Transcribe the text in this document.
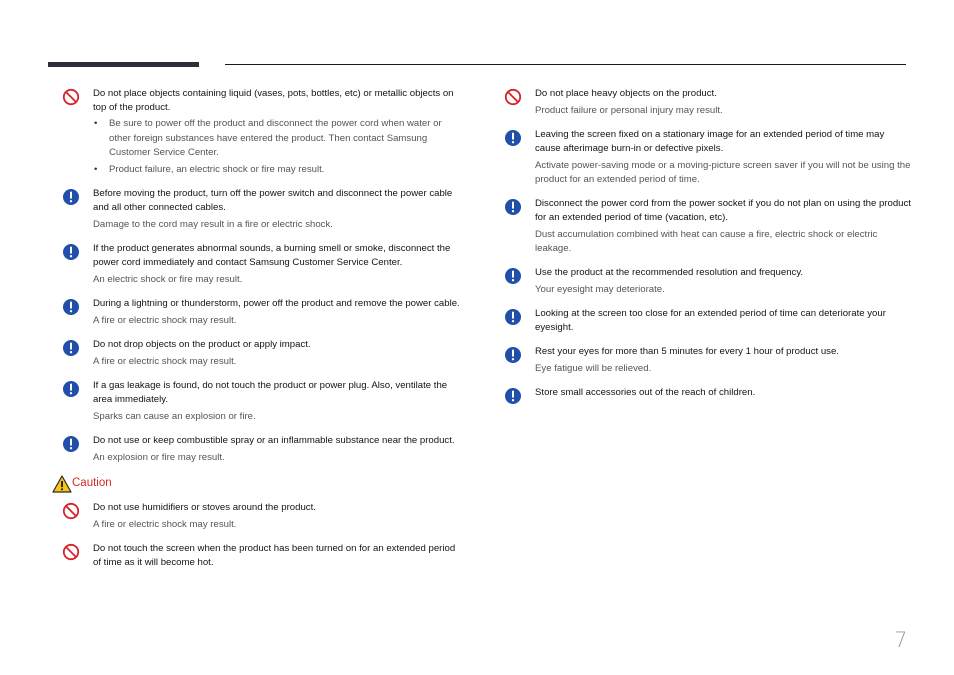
Do not place objects containing liquid (vases, pots, bottles, etc) or metallic objects on top of the product.

• Be sure to power off the product and disconnect the power cord when water or other foreign substances have entered the product. Then contact Samsung Customer Service Center.
• Product failure, an electric shock or fire may result.

Before moving the product, turn off the power switch and disconnect the power cable and all other connected cables.

Damage to the cord may result in a fire or electric shock.

If the product generates abnormal sounds, a burning smell or smoke, disconnect the power cord immediately and contact Samsung Customer Service Center.

An electric shock or fire may result.

During a lightning or thunderstorm, power off the product and remove the power cable.

A fire or electric shock may result.

Do not drop objects on the product or apply impact.

A fire or electric shock may result.

If a gas leakage is found, do not touch the product or power plug. Also, ventilate the area immediately.

Sparks can cause an explosion or fire.

Do not use or keep combustible spray or an inflammable substance near the product.

An explosion or fire may result.

Caution

Do not use humidifiers or stoves around the product.

A fire or electric shock may result.

Do not touch the screen when the product has been turned on for an extended period of time as it will become hot.

Do not place heavy objects on the product.

Product failure or personal injury may result.

Leaving the screen fixed on a stationary image for an extended period of time may cause afterimage burn-in or defective pixels.

Activate power-saving mode or a moving-picture screen saver if you will not be using the product for an extended period of time.

Disconnect the power cord from the power socket if you do not plan on using the product for an extended period of time (vacation, etc).

Dust accumulation combined with heat can cause a fire, electric shock or electric leakage.

Use the product at the recommended resolution and frequency.

Your eyesight may deteriorate.

Looking at the screen too close for an extended period of time can deteriorate your eyesight.

Rest your eyes for more than 5 minutes for every 1 hour of product use.

Eye fatigue will be relieved.

Store small accessories out of the reach of children.

7
